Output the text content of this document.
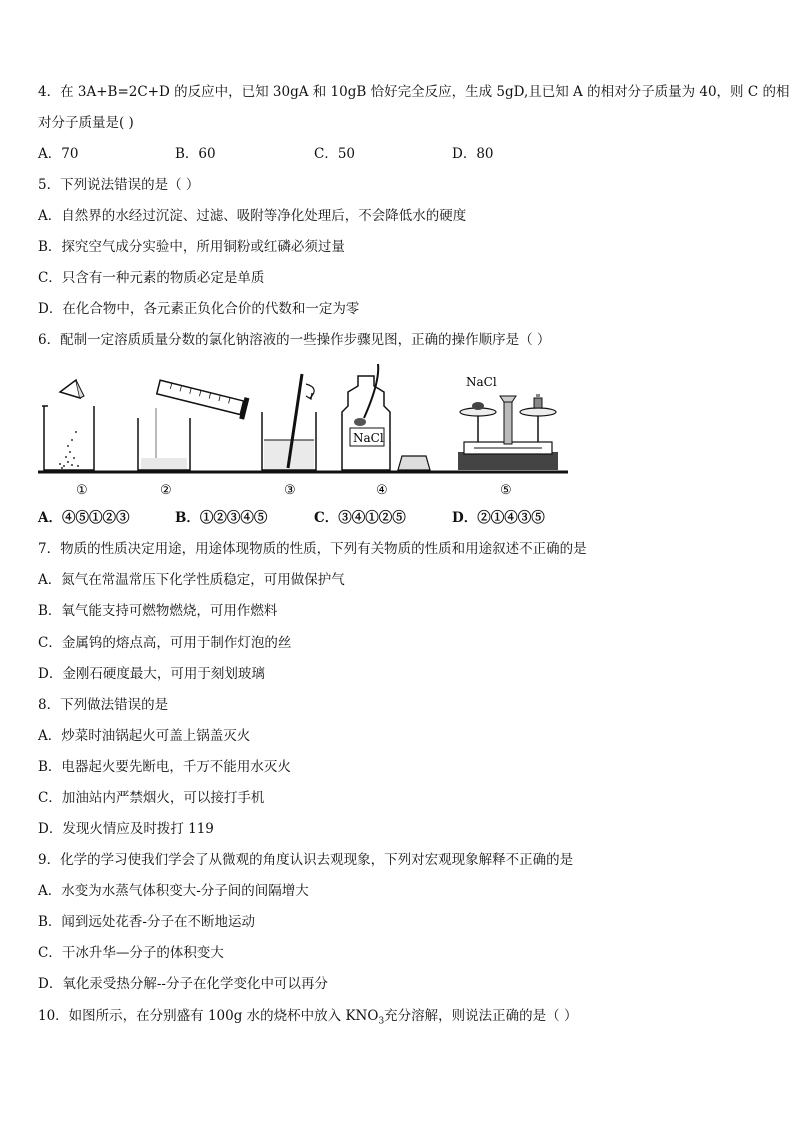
4．在 3A+B=2C+D 的反应中，已知 30gA 和 10gB 恰好完全反应，生成 5gD,且已知 A 的相对分子质量为 40，则 C 的相
对分子质量是( )
A．70	B．60	C．50	D．80
5．下列说法错误的是（ ）
A．自然界的水经过沉淀、过滤、吸附等净化处理后，不会降低水的硬度
B．探究空气成分实验中，所用铜粉或红磷必须过量
C．只含有一种元素的物质必定是单质
D．在化合物中，各元素正负化合价的代数和一定为零
6．配制一定溶质质量分数的氯化钠溶液的一些操作步骤见图，正确的操作顺序是（ ）
①	②	③
NaCl
④
NaCl
⑤
A．④⑤①②③	B．①②③④⑤	C．③④①②⑤	D．②①④③⑤
7．物质的性质决定用途，用途体现物质的性质，下列有关物质的性质和用途叙述不正确的是
A．氮气在常温常压下化学性质稳定，可用做保护气
B．氧气能支持可燃物燃烧，可用作燃料
C．金属钨的熔点高，可用于制作灯泡的丝
D．金刚石硬度最大，可用于刻划玻璃
8．下列做法错误的是
A．炒菜时油锅起火可盖上锅盖灭火
B．电器起火要先断电，千万不能用水灭火
C．加油站内严禁烟火，可以接打手机
D．发现火情应及时拨打 119
9．化学的学习使我们学会了从微观的角度认识去观现象，下列对宏观现象解释不正确的是
A．水变为水蒸气体积变大-分子间的间隔增大
B．闻到远处花香-分子在不断地运动
C．干冰升华—分子的体积变大
D．氧化汞受热分解--分子在化学变化中可以再分
10．如图所示，在分别盛有 100g 水的烧杯中放入 $KNO_3$充分溶解，则说法正确的是（ ）
